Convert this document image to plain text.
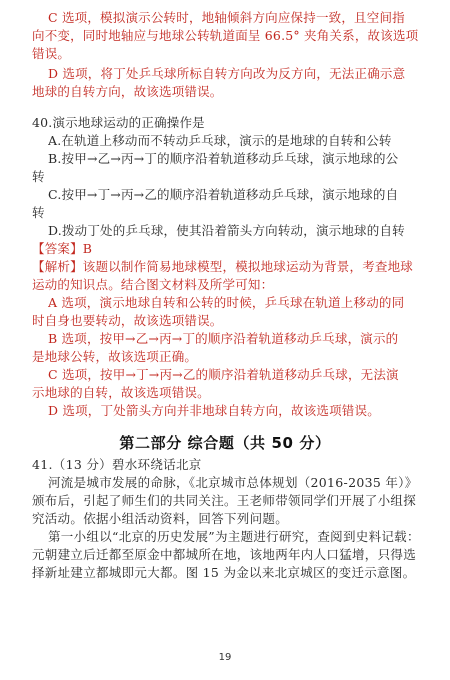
C 选项，模拟演示公转时，地轴倾斜方向应保持一致，且空间指
向不变，同时地轴应与地球公转轨道面呈 66.5° 夹角关系，故该选项
错误。
D 选项，将丁处乒乓球所标自转方向改为反方向，无法正确示意
地球的自转方向，故该选项错误。
40.演示地球运动的正确操作是
A.在轨道上移动而不转动乒乓球，演示的是地球的自转和公转
B.按甲→乙→丙→丁的顺序沿着轨道移动乒乓球，演示地球的公
转
C.按甲→丁→丙→乙的顺序沿着轨道移动乒乓球，演示地球的自
转
D.拨动丁处的乒乓球，使其沿着箭头方向转动，演示地球的自转
【答案】B
【解析】该题以制作简易地球模型，模拟地球运动为背景，考查地球
运动的知识点。结合图文材料及所学可知：
A 选项，演示地球自转和公转的时候，乒乓球在轨道上移动的同
时自身也要转动，故该选项错误。
B 选项，按甲→乙→丙→丁的顺序沿着轨道移动乒乓球，演示的
是地球公转，故该选项正确。
C 选项，按甲→丁→丙→乙的顺序沿着轨道移动乒乓球，无法演
示地球的自转，故该选项错误。
D 选项，丁处箭头方向并非地球自转方向，故该选项错误。
第二部分 综合题（共 50 分）
41.（13 分）碧水环绕话北京
河流是城市发展的命脉，《北京城市总体规划（2016-2035 年）》
颁布后，引起了师生们的共同关注。王老师带领同学们开展了小组探
究活动。依据小组活动资料，回答下列问题。
第一小组以“北京的历史发展”为主题进行研究，查阅到史料记载：
元朝建立后迁都至原金中都城所在地，该地两年内人口猛增，只得选
择新址建立都城即元大都。图 15 为金以来北京城区的变迁示意图。
19
